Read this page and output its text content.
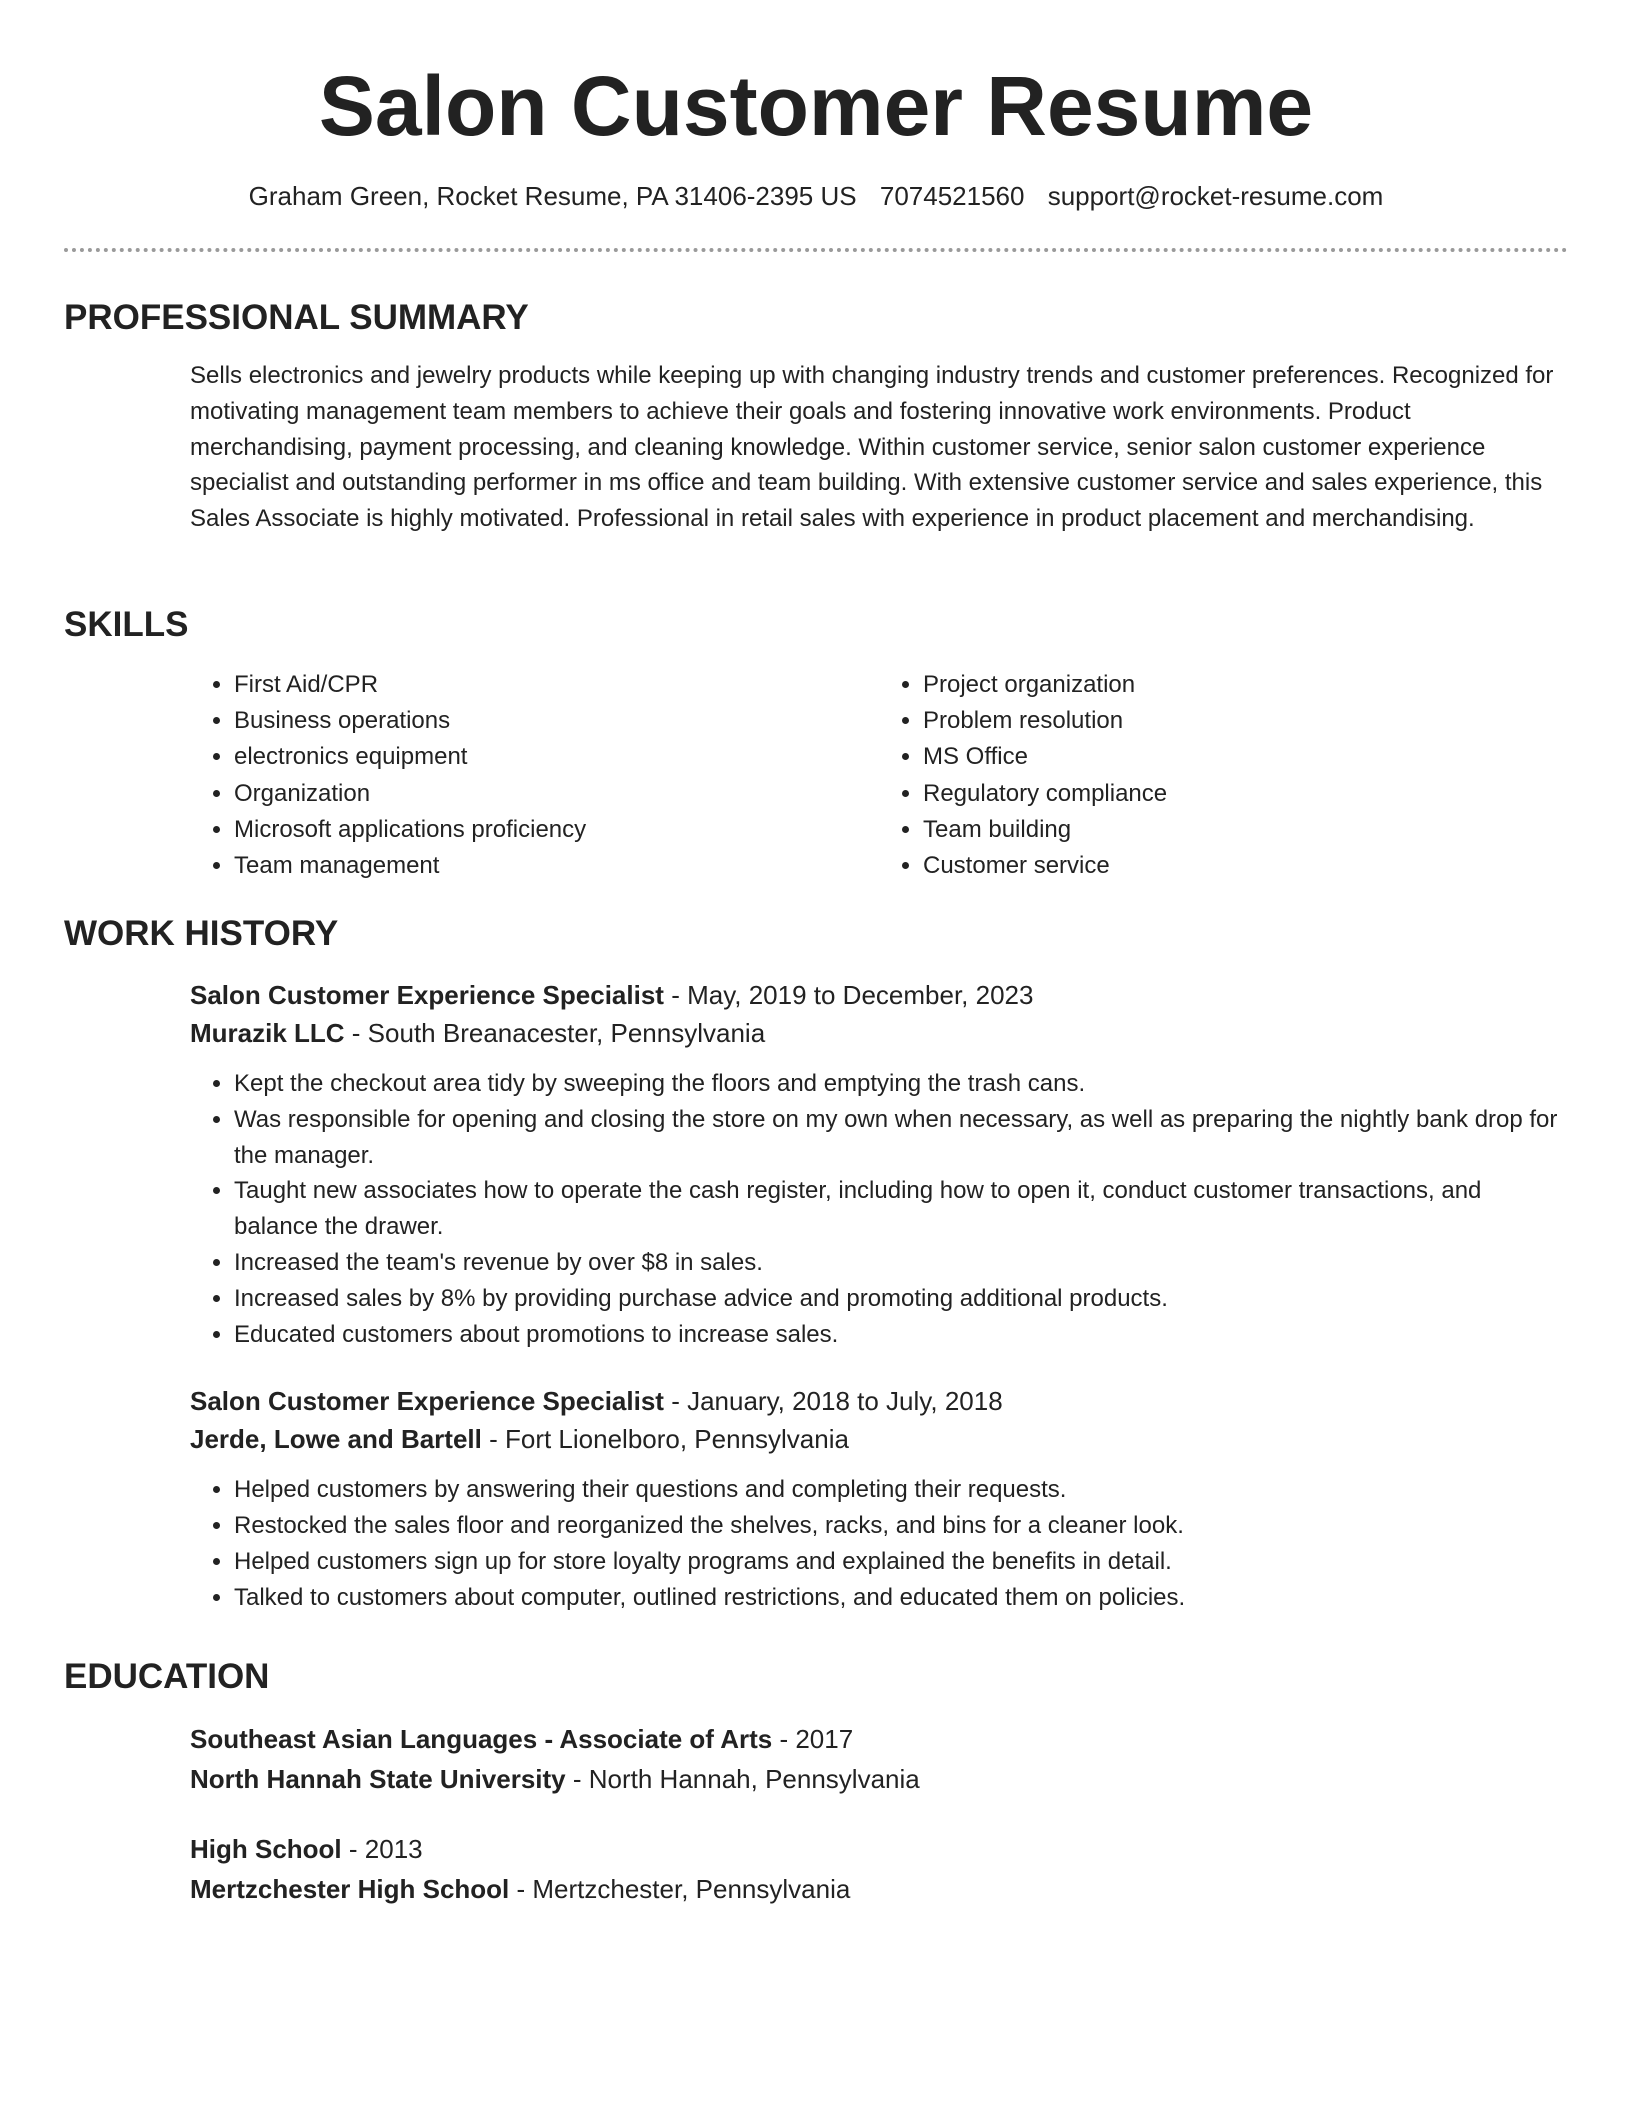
Salon Customer Resume
Graham Green, Rocket Resume, PA 31406-2395 US 7074521560 support@rocket-resume.com
PROFESSIONAL SUMMARY

Sells electronics and jewelry products while keeping up with changing industry trends and customer preferences. Recognized for motivating management team members to achieve their goals and fostering innovative work environments. Product merchandising, payment processing, and cleaning knowledge. Within customer service, senior salon customer experience specialist and outstanding performer in ms office and team building. With extensive customer service and sales experience, this Sales Associate is highly motivated. Professional in retail sales with experience in product placement and merchandising.

SKILLS
• First Aid/CPR
• Business operations
• electronics equipment
• Organization
• Microsoft applications proficiency
• Team management
• Project organization
• Problem resolution
• MS Office
• Regulatory compliance
• Team building
• Customer service
WORK HISTORY
Salon Customer Experience Specialist - May, 2019 to December, 2023
Murazik LLC - South Breanacester, Pennsylvania
• Kept the checkout area tidy by sweeping the floors and emptying the trash cans.
• Was responsible for opening and closing the store on my own when necessary, as well as preparing the nightly bank drop for the manager.
• Taught new associates how to operate the cash register, including how to open it, conduct customer transactions, and balance the drawer.
• Increased the team's revenue by over $8 in sales.
• Increased sales by 8% by providing purchase advice and promoting additional products.
• Educated customers about promotions to increase sales.
Salon Customer Experience Specialist - January, 2018 to July, 2018
Jerde, Lowe and Bartell - Fort Lionelboro, Pennsylvania
• Helped customers by answering their questions and completing their requests.
• Restocked the sales floor and reorganized the shelves, racks, and bins for a cleaner look.
• Helped customers sign up for store loyalty programs and explained the benefits in detail.
• Talked to customers about computer, outlined restrictions, and educated them on policies.
EDUCATION
Southeast Asian Languages - Associate of Arts - 2017
North Hannah State University - North Hannah, Pennsylvania
High School - 2013
Mertzchester High School - Mertzchester, Pennsylvania
